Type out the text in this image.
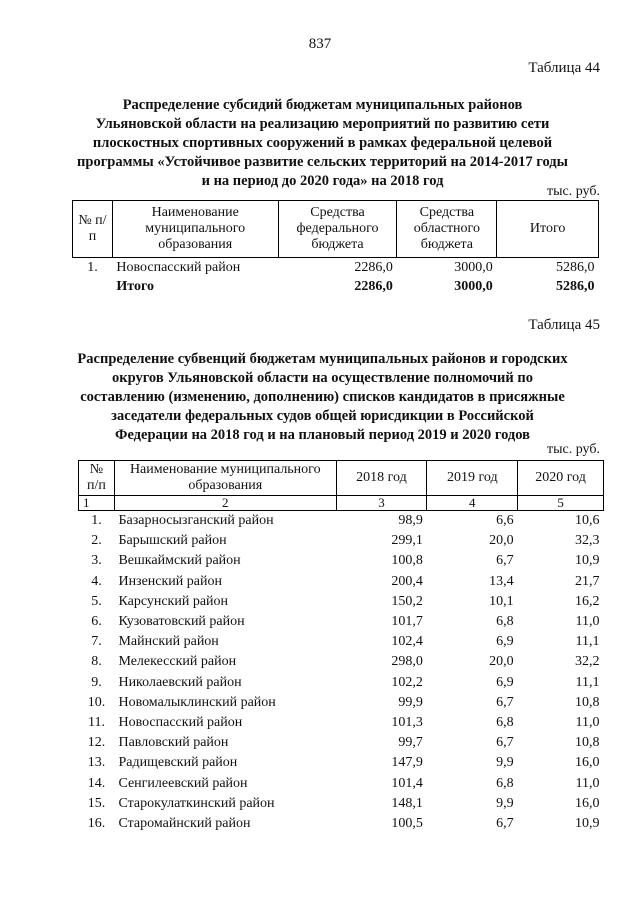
837
Таблица 44
Распределение субсидий бюджетам муниципальных районов
Ульяновской области на реализацию мероприятий по развитию сети
плоскостных спортивных сооружений в рамках федеральной целевой
программы «Устойчивое развитие сельских территорий на 2014-2017 годы
и на период до 2020 года» на 2018 год
тыс. руб.
№ п/п	Наименование муниципального образования	Средства федерального бюджета	Средства областного бюджета	Итого
1.	Новоспасский район	2286,0	3000,0	5286,0
	Итого	2286,0	3000,0	5286,0
Таблица 45
Распределение субвенций бюджетам муниципальных районов и городских
округов Ульяновской области на осуществление полномочий по
составлению (изменению, дополнению) списков кандидатов в присяжные
заседатели федеральных судов общей юрисдикции в Российской
Федерации на 2018 год и на плановый период 2019 и 2020 годов
тыс. руб.
№ п/п	Наименование муниципального образования	2018 год	2019 год	2020 год
1	2	3	4	5
1.	Базарносызганский район	98,9	6,6	10,6
2.	Барышский район	299,1	20,0	32,3
3.	Вешкаймский район	100,8	6,7	10,9
4.	Инзенский район	200,4	13,4	21,7
5.	Карсунский район	150,2	10,1	16,2
6.	Кузоватовский район	101,7	6,8	11,0
7.	Майнский район	102,4	6,9	11,1
8.	Мелекесский район	298,0	20,0	32,2
9.	Николаевский район	102,2	6,9	11,1
10.	Новомалыклинский район	99,9	6,7	10,8
11.	Новоспасский район	101,3	6,8	11,0
12.	Павловский район	99,7	6,7	10,8
13.	Радищевский район	147,9	9,9	16,0
14.	Сенгилеевский район	101,4	6,8	11,0
15.	Старокулаткинский район	148,1	9,9	16,0
16.	Старомайнский район	100,5	6,7	10,9
